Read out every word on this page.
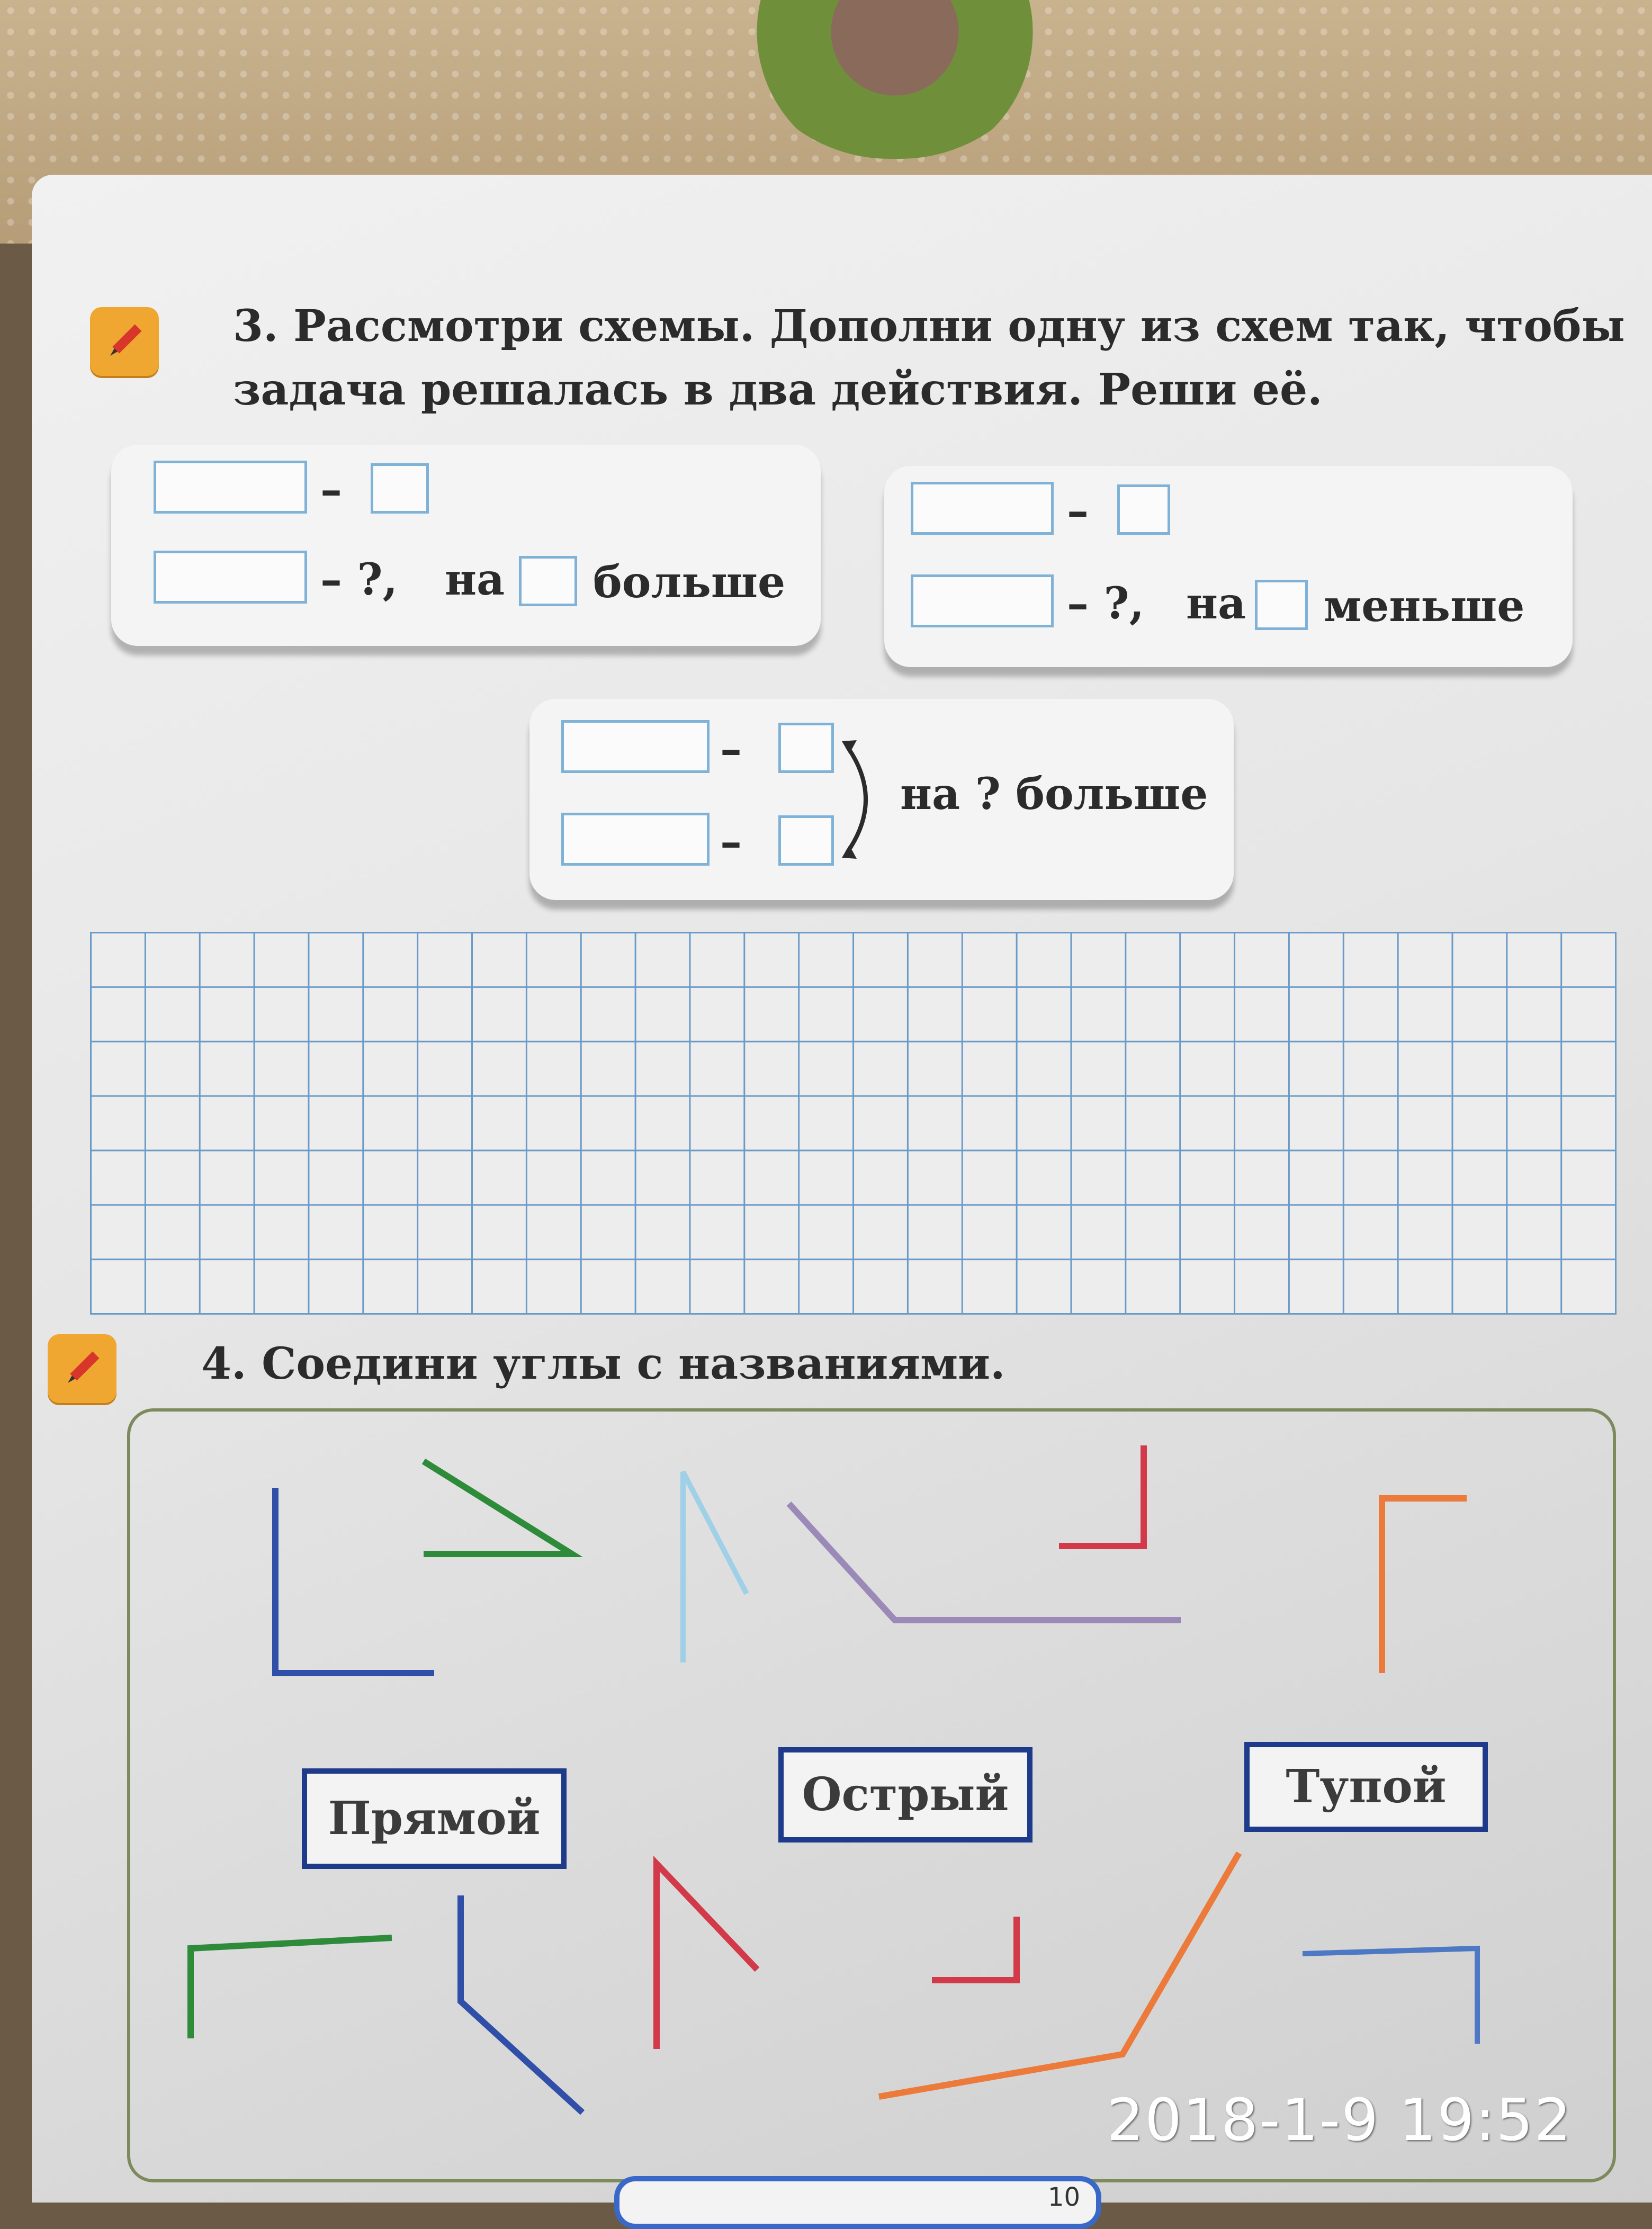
3. Рассмотри схемы. Дополни одну из схем так, чтобы
задача решалась в два действия. Реши её.
–
– ?, на больше
–
– ?, на меньше
–
–
на ? больше
4. Соедини углы с названиями.
Прямой	Острый	Тупой
10
2018-1-9 19:52
